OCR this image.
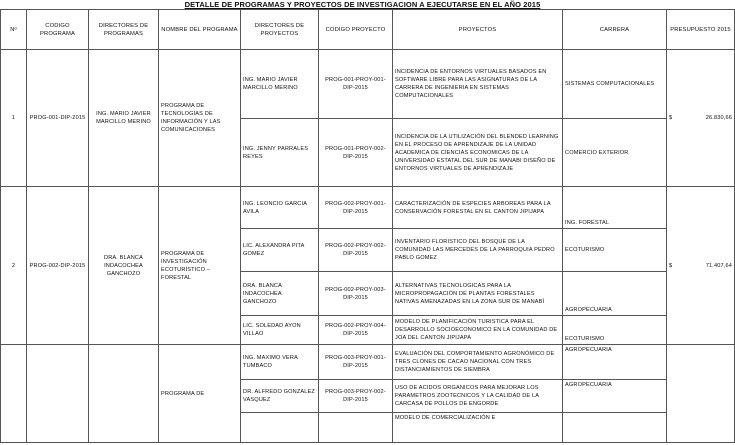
DETALLE DE PROGRAMAS Y PROYECTOS DE INVESTIGACION A EJECUTARSE EN EL AÑO 2015
Nº	CODIGO PROGRAMA	DIRECTORES DE PROGRAMAS	NOMBRE DEL PROGRAMA	DIRECTORES DE PROYECTOS	CODIGO PROYECTO	PROYECTOS	CARRERA	PRESUPUESTO 2015
1	PROG-001-DIP-2015	ING. MARIO JAVIER MARCILLO MERINO	PROGRAMA DE TECNOLOGÍAS DE INFORMACIÓN Y LAS COMUNICACIONES	ING. MARIO JAVIER MARCILLO MERINO	PROG-001-PROY-001-DIP-2015	INCIDENCIA DE ENTORNOS VIRTUALES BASADOS EN SOFTWARE LIBRE PARA LAS ASIGNATURAS DE LA CARRERA DE INGENIERIA EN SISTEMAS COMPUTACIONALES	SISTEMAS COMPUTACIONALES	$ 26.830,66

				ING. JENNY PARRALES REYES	PROG-001-PROY-002-DIP-2015	INCIDENCIA DE LA UTILIZACIÓN DEL BLENDED LEARNING EN EL PROCESO DE APRENDIZAJE DE LA UNIDAD ACADEMICA DE CIENCIAS ECONOMICAS DE LA UNIVERSIDAD ESTATAL DEL SUR DE MANABI DISEÑO DE ENTORNOS VIRTUALES DE APRENDIZAJE	COMERCIO EXTERIOR	
2	PROG-002-DIP-2015	DRA. BLANCA INDACOCHEA GANCHOZO	PROGRAMA DE INVESTIGACIÓN ECOTURÍSTICO – FORESTAL	ING. LEONCIO GARCIA AVILA	PROG-002-PROY-001-DIP-2015	CARACTERIZACIÓN DE ESPECIES ARBOREAS PARA LA CONSERVACIÓN FORESTAL EN EL CANTON JIPIJAPA	ING. FORESTAL	$ 71.407,64

				LIC. ALEXANDRA PITA GOMEZ	PROG-002-PROY-002-DIP-2015	INVENTARIO FLORISTICO DEL BOSQUE DE LA COMUNIDAD LAS MERCEDES DE LA PARROQUIA PEDRO PABLO GOMEZ	ECOTURISMO	
				DRA. BLANCA INDACOCHEA GANCHOZO	PROG-002-PROY-003-DIP-2015	ALTERNATIVAS TECNOLOGICAS PARA LA MICROPROPAGACIÓN DE PLANTAS FORESTALES NATIVAS AMENAZADAS EN LA ZONA SUR DE MANABÍ	AGROPECUARIA	
				LIC. SOLEDAD AYON VILLAO	PROG-002-PROY-004-DIP-2015	MODELO DE PLANIFICACIÓN TURISTICA PARA EL DESARROLLO SOCIOECONOMICO EN LA COMUNIDAD DE JOA DEL CANTON JIPIJAPA	ECOTURISMO	
			PROGRAMA DE	ING. MAXIMO VERA TUMBACO	PROG-003-PROY-001-DIP-2015	EVALUACIÓN DEL COMPORTAMIENTO AGRONÓMICO DE TRES CLONES DE CACAO NACIONAL CON TRES DISTANCIAMIENTOS DE SIEMBRA	AGROPECUARIA	

				DR. ALFREDO GONZALEZ VASQUEZ	PROG-003-PROY-002-DIP-2015	USO DE ACIDOS ORGANICOS PARA MEJORAR LOS PARAMETROS ZOOTECNICOS Y LA CALIDAD DE LA CARCASA DE POLLOS DE ENGORDE	AGROPECUARIA	
						MODELO DE COMERCIALIZACIÓN E		
